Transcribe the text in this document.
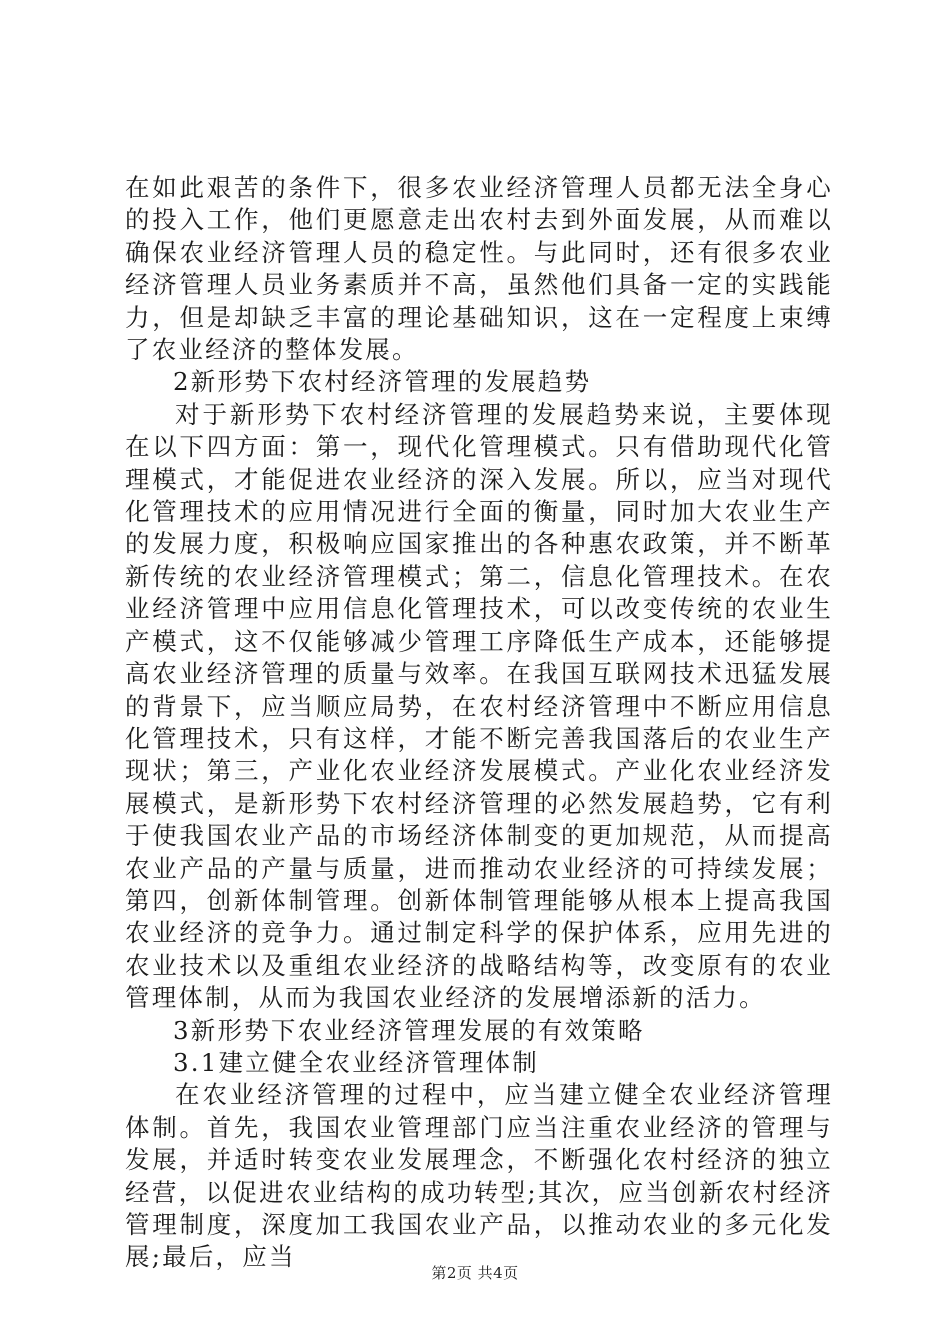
在如此艰苦的条件下，很多农业经济管理人员都无法全身心的投入工作，他们更愿意走出农村去到外面发展，从而难以确保农业经济管理人员的稳定性。与此同时，还有很多农业经济管理人员业务素质并不高，虽然他们具备一定的实践能力，但是却缺乏丰富的理论基础知识，这在一定程度上束缚了农业经济的整体发展。

2新形势下农村经济管理的发展趋势

对于新形势下农村经济管理的发展趋势来说，主要体现在以下四方面：第一，现代化管理模式。只有借助现代化管理模式，才能促进农业经济的深入发展。所以，应当对现代化管理技术的应用情况进行全面的衡量，同时加大农业生产的发展力度，积极响应国家推出的各种惠农政策，并不断革新传统的农业经济管理模式；第二，信息化管理技术。在农业经济管理中应用信息化管理技术，可以改变传统的农业生产模式，这不仅能够减少管理工序降低生产成本，还能够提高农业经济管理的质量与效率。在我国互联网技术迅猛发展的背景下，应当顺应局势，在农村经济管理中不断应用信息化管理技术，只有这样，才能不断完善我国落后的农业生产现状；第三，产业化农业经济发展模式。产业化农业经济发展模式，是新形势下农村经济管理的必然发展趋势，它有利于使我国农业产品的市场经济体制变的更加规范，从而提高农业产品的产量与质量，进而推动农业经济的可持续发展；第四，创新体制管理。创新体制管理能够从根本上提高我国农业经济的竞争力。通过制定科学的保护体系，应用先进的农业技术以及重组农业经济的战略结构等，改变原有的农业管理体制，从而为我国农业经济的发展增添新的活力。

3新形势下农业经济管理发展的有效策略

3.1建立健全农业经济管理体制

在农业经济管理的过程中，应当建立健全农业经济管理体制。首先，我国农业管理部门应当注重农业经济的管理与发展，并适时转变农业发展理念，不断强化农村经济的独立经营，以促进农业结构的成功转型;其次，应当创新农村经济管理制度，深度加工我国农业产品，以推动农业的多元化发展;最后，应当

第2页 共4页
